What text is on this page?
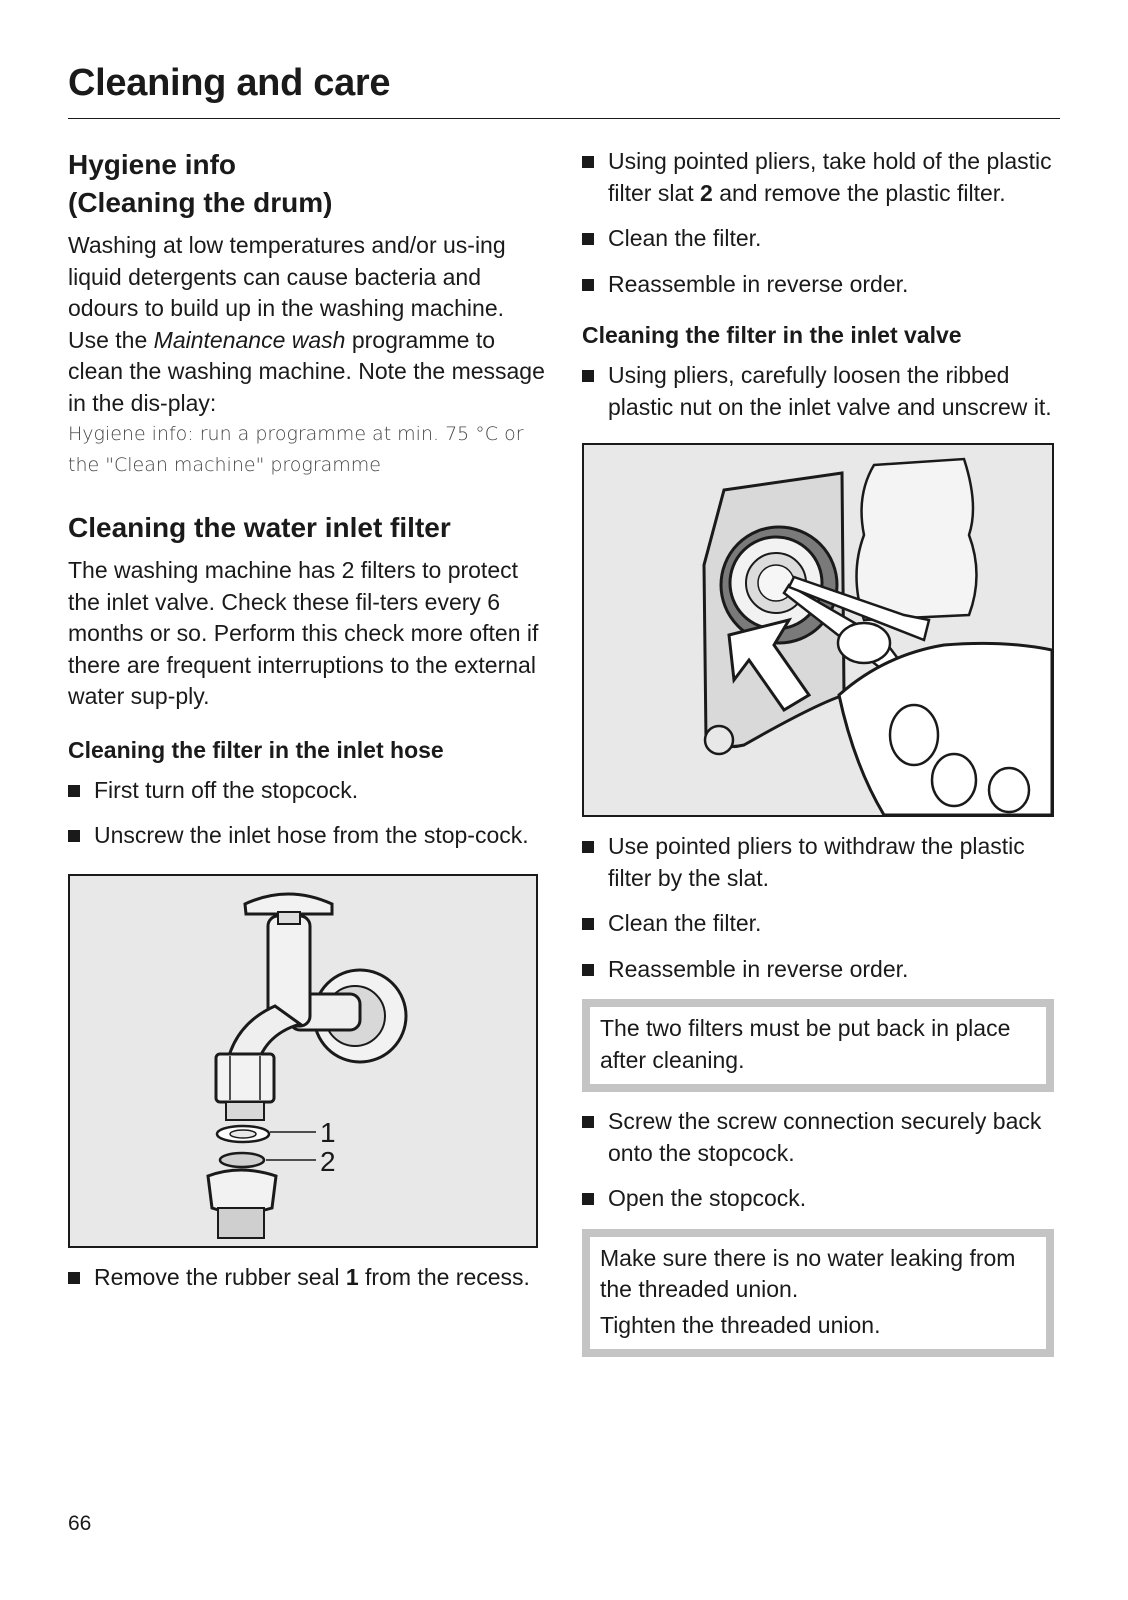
Cleaning and care
Hygiene info
(Cleaning the drum)

Washing at low temperatures and/or us-ing liquid detergents can cause bacteria and odours to build up in the washing machine. Use the Maintenance wash programme to clean the washing machine. Note the message in the dis-play:

Hygiene info: run a programme at min. 75 °C or the "Clean machine" programme

Cleaning the water inlet filter

The washing machine has 2 filters to protect the inlet valve. Check these fil-ters every 6 months or so. Perform this check more often if there are frequent interruptions to the external water sup-ply.

Cleaning the filter in the inlet hose
First turn off the stopcock.
Unscrew the inlet hose from the stop-cock.
1
2
Remove the rubber seal 1 from the recess.
Using pointed pliers, take hold of the plastic filter slat 2 and remove the plastic filter.
Clean the filter.
Reassemble in reverse order.
Cleaning the filter in the inlet valve
Using pliers, carefully loosen the ribbed plastic nut on the inlet valve and unscrew it.
Use pointed pliers to withdraw the plastic filter by the slat.
Clean the filter.
Reassemble in reverse order.
The two filters must be put back in place after cleaning.
Screw the screw connection securely back onto the stopcock.
Open the stopcock.
Make sure there is no water leaking from the threaded union.
Tighten the threaded union.

66
